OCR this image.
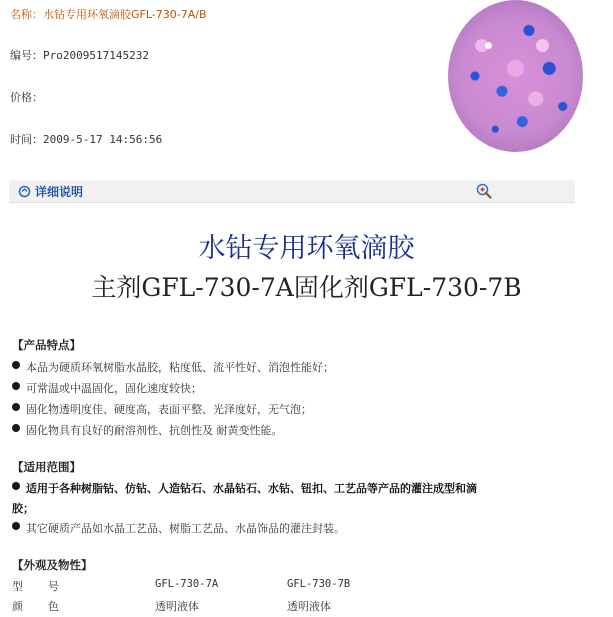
名称：水钻专用环氧滴胶GFL-730-7A/B
编号：Pro2009517145232
价格：
时间：2009-5-17 14:56:56
详细说明
水钻专用环氧滴胶
主剂GFL-730-7A固化剂GFL-730-7B
【产品特点】
本品为硬质环氧树脂水晶胶，粘度低、流平性好、消泡性能好；
可常温或中温固化，固化速度较快；
固化物透明度佳、硬度高，表面平整、光泽度好，无气泡；
固化物具有良好的耐溶剂性、抗创性及 耐黄变性能。
【适用范围】
适用于各种树脂钻、仿钻、人造钻石、水晶钻石、水钻、钮扣、工艺品等产品的灌注成型和滴
胶；
其它硬质产品如水晶工艺品、树脂工艺品、水晶饰品的灌注封装。
【外观及物性】
型 号	GFL-730-7A	GFL-730-7B
颜 色	透明液体	透明液体
